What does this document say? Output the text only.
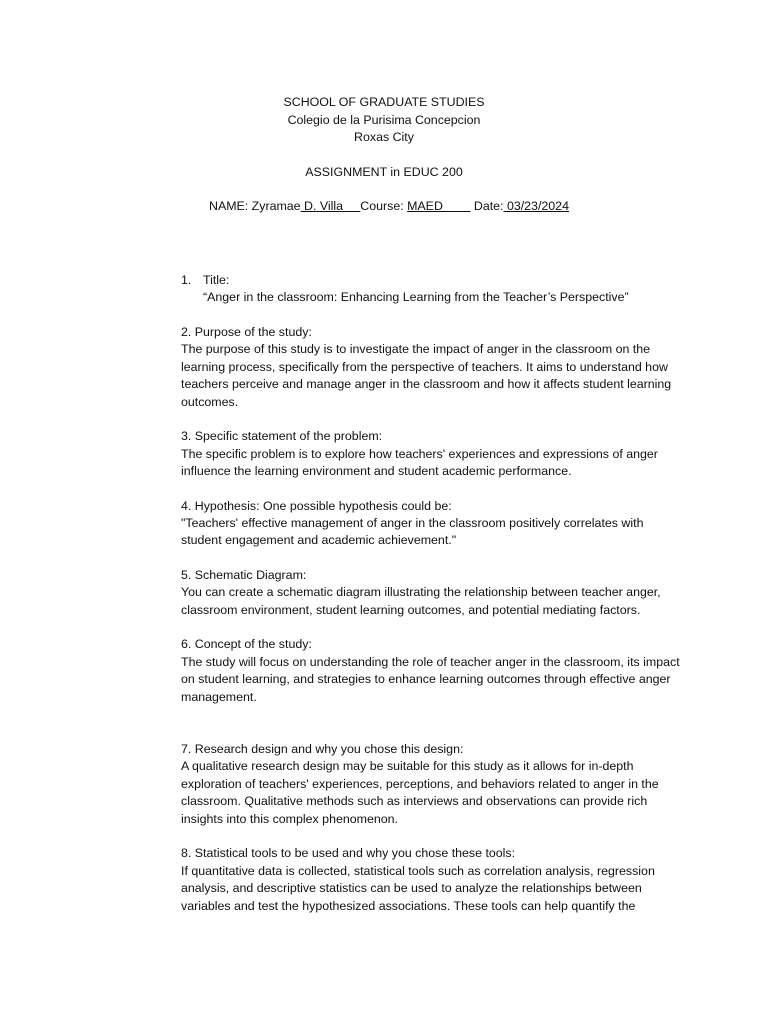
SCHOOL OF GRADUATE STUDIES
Colegio de la Purisima Concepcion
Roxas City
ASSIGNMENT in EDUC 200
NAME: Zyramae D. Villa     Course: MAED         Date: 03/23/2024
1. Title:

“Anger in the classroom: Enhancing Learning from the Teacher’s Perspective”

2. Purpose of the study:

The purpose of this study is to investigate the impact of anger in the classroom on the learning process, specifically from the perspective of teachers. It aims to understand how teachers perceive and manage anger in the classroom and how it affects student learning outcomes.

3. Specific statement of the problem:

The specific problem is to explore how teachers' experiences and expressions of anger influence the learning environment and student academic performance.

4. Hypothesis: One possible hypothesis could be:

"Teachers' effective management of anger in the classroom positively correlates with student engagement and academic achievement."

5. Schematic Diagram:

You can create a schematic diagram illustrating the relationship between teacher anger, classroom environment, student learning outcomes, and potential mediating factors.

6. Concept of the study:

The study will focus on understanding the role of teacher anger in the classroom, its impact on student learning, and strategies to enhance learning outcomes through effective anger management.

7. Research design and why you chose this design:

A qualitative research design may be suitable for this study as it allows for in-depth exploration of teachers' experiences, perceptions, and behaviors related to anger in the classroom. Qualitative methods such as interviews and observations can provide rich insights into this complex phenomenon.

8. Statistical tools to be used and why you chose these tools:

If quantitative data is collected, statistical tools such as correlation analysis, regression analysis, and descriptive statistics can be used to analyze the relationships between variables and test the hypothesized associations. These tools can help quantify the
